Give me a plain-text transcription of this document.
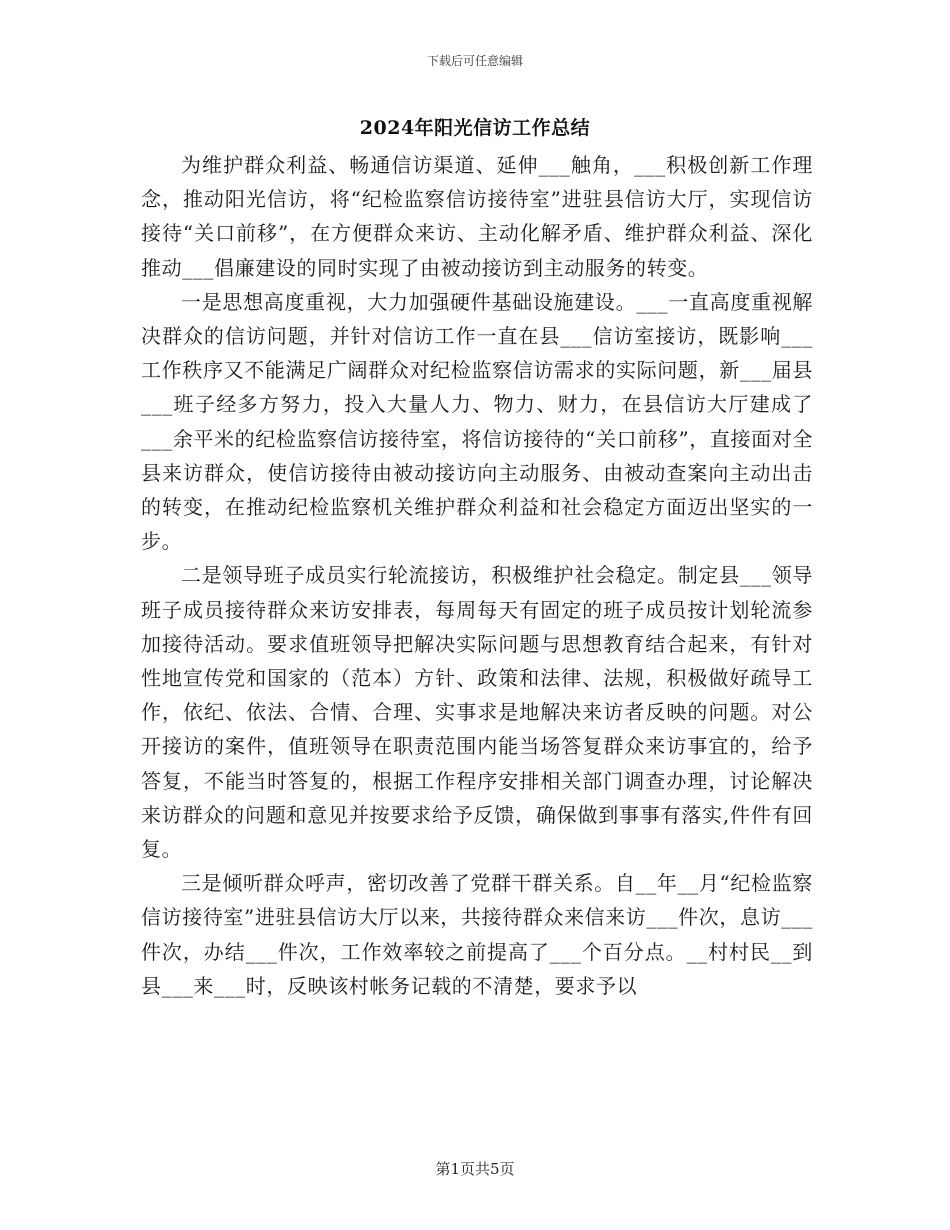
下载后可任意编辑
2024年阳光信访工作总结

为维护群众利益、畅通信访渠道、延伸___触角，___积极创新工作理念，推动阳光信访，将“纪检监察信访接待室”进驻县信访大厅，实现信访接待“关口前移”，在方便群众来访、主动化解矛盾、维护群众利益、深化推动___倡廉建设的同时实现了由被动接访到主动服务的转变。

一是思想高度重视，大力加强硬件基础设施建设。___一直高度重视解决群众的信访问题，并针对信访工作一直在县___信访室接访，既影响___工作秩序又不能满足广阔群众对纪检监察信访需求的实际问题，新___届县___班子经多方努力，投入大量人力、物力、财力，在县信访大厅建成了___余平米的纪检监察信访接待室，将信访接待的“关口前移”，直接面对全县来访群众，使信访接待由被动接访向主动服务、由被动查案向主动出击的转变，在推动纪检监察机关维护群众利益和社会稳定方面迈出坚实的一步。

二是领导班子成员实行轮流接访，积极维护社会稳定。制定县___领导班子成员接待群众来访安排表，每周每天有固定的班子成员按计划轮流参加接待活动。要求值班领导把解决实际问题与思想教育结合起来，有针对性地宣传党和国家的（范本）方针、政策和法律、法规，积极做好疏导工作，依纪、依法、合情、合理、实事求是地解决来访者反映的问题。对公开接访的案件，值班领导在职责范围内能当场答复群众来访事宜的，给予答复，不能当时答复的，根据工作程序安排相关部门调查办理，讨论解决来访群众的问题和意见并按要求给予反馈，确保做到事事有落实,件件有回复。

三是倾听群众呼声，密切改善了党群干群关系。自__年__月“纪检监察信访接待室”进驻县信访大厅以来，共接待群众来信来访___件次，息访___件次，办结___件次，工作效率较之前提高了___个百分点。__村村民__到县___来___时，反映该村帐务记载的不清楚，要求予以

第1页共5页
